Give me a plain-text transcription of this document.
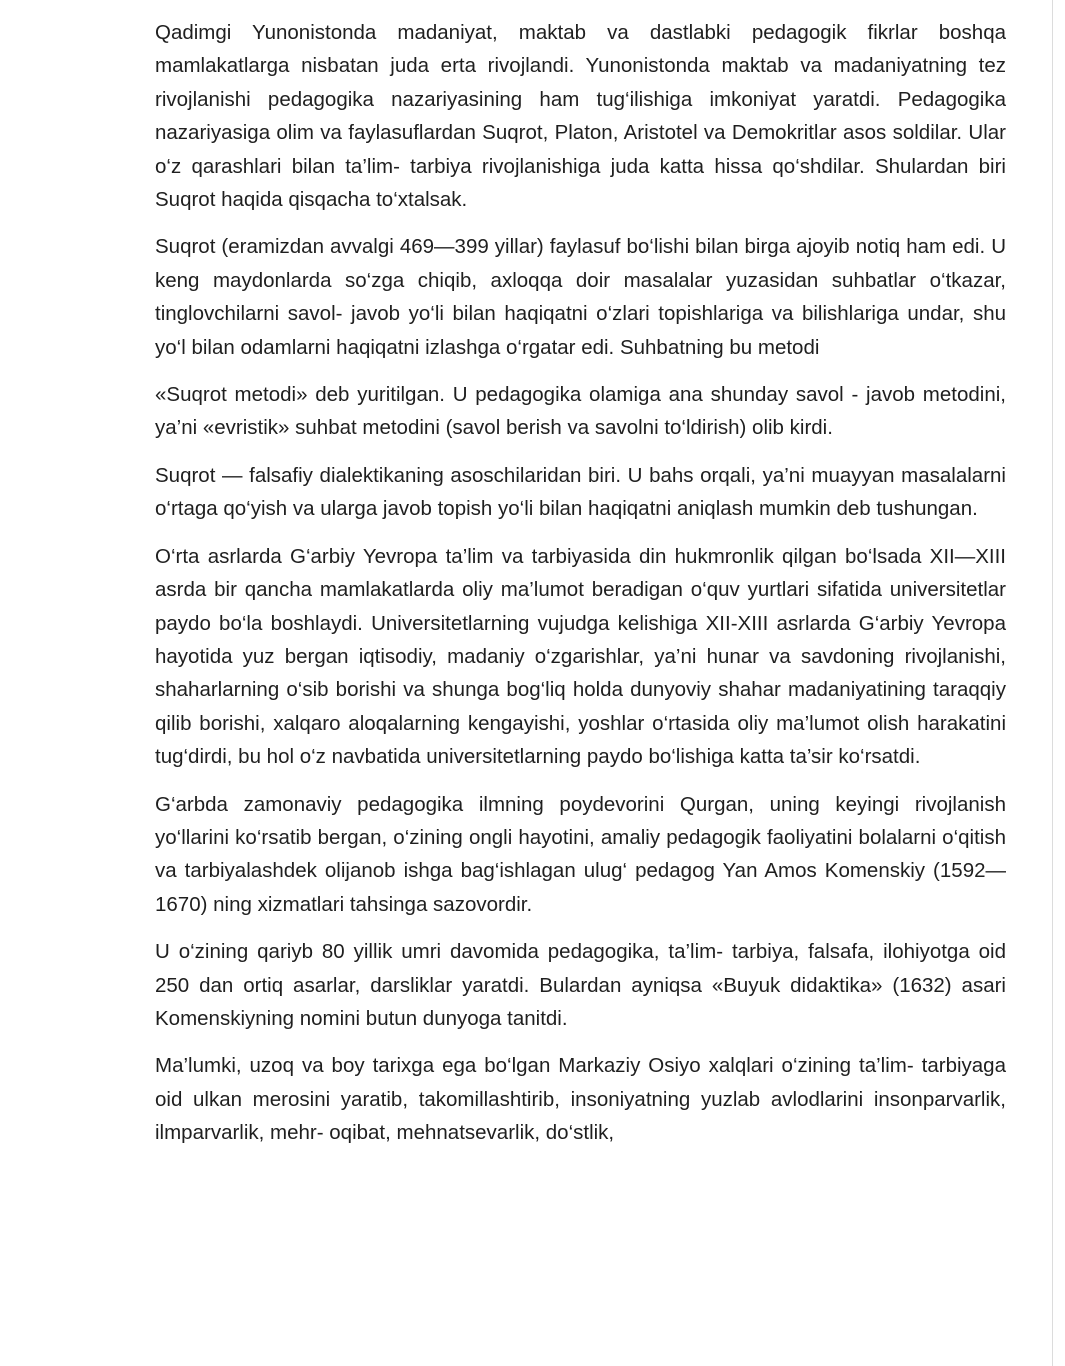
Qadimgi Yunonistonda madaniyat, maktab va dastlabki pedagogik fikrlar boshqa mamlakatlarga nisbatan juda erta rivojlandi. Yunonistonda maktab va madaniyatning tez rivojlanishi pedagogika nazariyasining ham tug‘ilishiga imkoniyat yaratdi. Pedagogika nazariyasiga olim va faylasuflardan Suqrot, Platon, Aristotel va Demokritlar asos soldilar. Ular o‘z qarashlari bilan ta’lim- tarbiya rivojlanishiga juda katta hissa qo‘shdilar. Shulardan biri Suqrot haqida qisqacha to‘xtalsak.

Suqrot (eramizdan avvalgi 469—399 yillar) faylasuf bo‘lishi bilan birga ajoyib notiq ham edi. U keng maydonlarda so‘zga chiqib, axloqqa doir masalalar yuzasidan suhbatlar o‘tkazar, tinglovchilarni savol- javob yo‘li bilan haqiqatni o‘zlari topishlariga va bilishlariga undar, shu yo‘l bilan odamlarni haqiqatni izlashga o‘rgatar edi. Suhbatning bu metodi

«Suqrot metodi» deb yuritilgan. U pedagogika olamiga ana shunday savol - javob metodini, ya’ni «evristik» suhbat metodini (savol berish va savolni to‘ldirish) olib kirdi.

Suqrot — falsafiy dialektikaning asoschilaridan biri. U bahs orqali, ya’ni muayyan masalalarni o‘rtaga qo‘yish va ularga javob topish yo‘li bilan haqiqatni aniqlash mumkin deb tushungan.

O‘rta asrlarda G‘arbiy Yevropa ta’lim va tarbiyasida din hukmronlik qilgan bo‘lsada XII—XIII asrda bir qancha mamlakatlarda oliy ma’lumot beradigan o‘quv yurtlari sifatida universitetlar paydo bo‘la boshlaydi. Universitetlarning vujudga kelishiga XII-XIII asrlarda G‘arbiy Yevropa hayotida yuz bergan iqtisodiy, madaniy o‘zgarishlar, ya’ni hunar va savdoning rivojlanishi, shaharlarning o‘sib borishi va shunga bog‘liq holda dunyoviy shahar madaniyatining taraqqiy qilib borishi, xalqaro aloqalarning kengayishi, yoshlar o‘rtasida oliy ma’lumot olish harakatini tug‘dirdi, bu hol o‘z navbatida universitetlarning paydo bo‘lishiga katta ta’sir ko‘rsatdi.

G‘arbda zamonaviy pedagogika ilmning poydevorini Qurgan, uning keyingi rivojlanish yo‘llarini ko‘rsatib bergan, o‘zining ongli hayotini, amaliy pedagogik faoliyatini bolalarni o‘qitish va tarbiyalashdek olijanob ishga bag‘ishlagan ulug‘ pedagog Yan Amos Komenskiy (1592—1670) ning xizmatlari tahsinga sazovordir.

U o‘zining qariyb 80 yillik umri davomida pedagogika, ta’lim- tarbiya, falsafa, ilohiyotga oid 250 dan ortiq asarlar, darsliklar yaratdi. Bulardan ayniqsa «Buyuk didaktika» (1632) asari Komenskiyning nomini butun dunyoga tanitdi.

Ma’lumki, uzoq va boy tarixga ega bo‘lgan Markaziy Osiyo xalqlari o‘zining ta’lim- tarbiyaga oid ulkan merosini yaratib, takomillashtirib, insoniyatning yuzlab avlodlarini insonparvarlik, ilmparvarlik, mehr- oqibat, mehnatsevarlik, do‘stlik,
